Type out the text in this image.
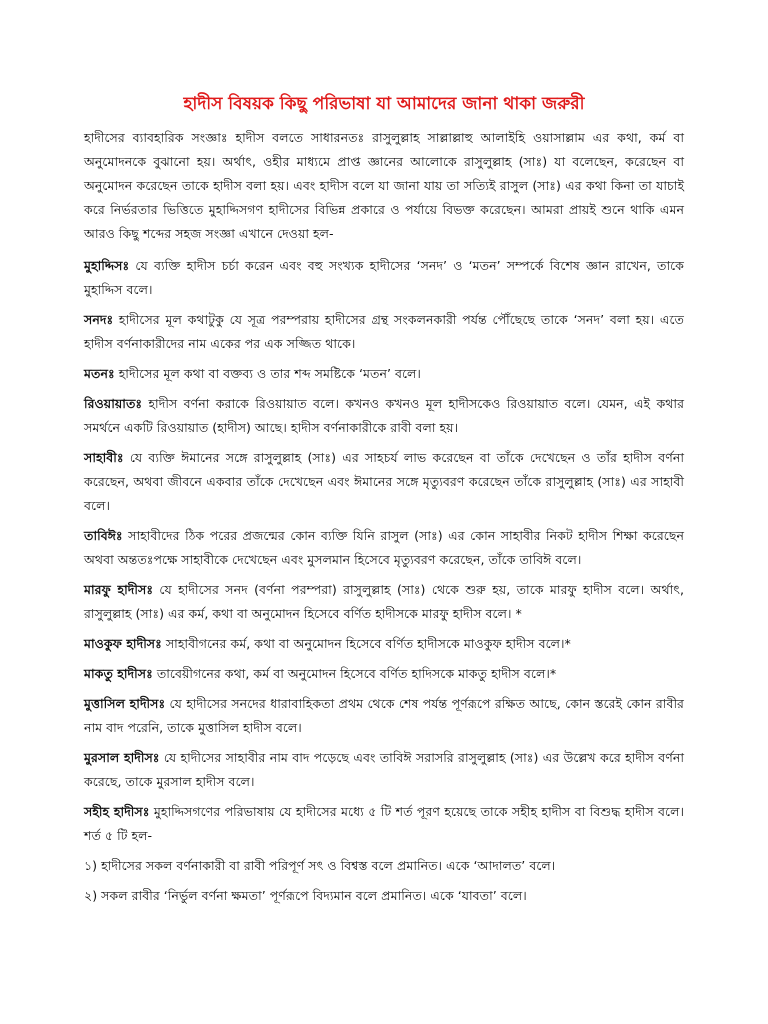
হাদীস বিষয়ক কিছু পরিভাষা যা আমাদের জানা থাকা জরুরী

হাদীসের ব্যাবহারিক সংজ্ঞাঃ হাদীস বলতে সাধারনতঃ রাসুলুল্লাহ সাল্লাল্লাহু আলাইহি ওয়াসাল্লাম এর কথা, কর্ম বা অনুমোদনকে বুঝানো হয়। অর্থাৎ, ওহীর মাধ্যমে প্রাপ্ত জ্ঞানের আলোকে রাসুলুল্লাহ (সাঃ) যা বলেছেন, করেছেন বা অনুমোদন করেছেন তাকে হাদীস বলা হয়। এবং হাদীস বলে যা জানা যায় তা সত্যিই রাসুল (সাঃ) এর কথা কিনা তা যাচাই করে নির্ভরতার ভিত্তিতে মুহাদ্দিসগণ হাদীসের বিভিন্ন প্রকারে ও পর্যায়ে বিভক্ত করেছেন। আমরা প্রায়ই শুনে থাকি এমন আরও কিছু শব্দের সহজ সংজ্ঞা এখানে দেওয়া হল-

মুহাদ্দিসঃ যে ব্যক্তি হাদীস চর্চা করেন এবং বহু সংখ্যক হাদীসের ‘সনদ’ ও ‘মতন’ সম্পর্কে বিশেষ জ্ঞান রাখেন, তাকে মুহাদ্দিস বলে।

সনদঃ হাদীসের মূল কথাটুকু যে সূত্র পরম্পরায় হাদীসের গ্রন্থ সংকলনকারী পর্যন্ত পৌঁছেছে তাকে ‘সনদ’ বলা হয়। এতে হাদীস বর্ণনাকারীদের নাম একের পর এক সজ্জিত থাকে।

মতনঃ হাদীসের মূল কথা বা বক্তব্য ও তার শব্দ সমষ্টিকে ‘মতন’ বলে।

রিওয়ায়াতঃ হাদীস বর্ণনা করাকে রিওয়ায়াত বলে। কখনও কখনও মূল হাদীসকেও রিওয়ায়াত বলে। যেমন, এই কথার সমর্থনে একটি রিওয়ায়াত (হাদীস) আছে। হাদীস বর্ণনাকারীকে রাবী বলা হয়।

সাহাবীঃ যে ব্যক্তি ঈমানের সঙ্গে রাসুলুল্লাহ (সাঃ) এর সাহচর্য লাভ করেছেন বা তাঁকে দেখেছেন ও তাঁর হাদীস বর্ণনা করেছেন, অথবা জীবনে একবার তাঁকে দেখেছেন এবং ঈমানের সঙ্গে মৃত্যুবরণ করেছেন তাঁকে রাসুলুল্লাহ (সাঃ) এর সাহাবী বলে।

তাবিঈঃ সাহাবীদের ঠিক পরের প্রজন্মের কোন ব্যক্তি যিনি রাসুল (সাঃ) এর কোন সাহাবীর নিকট হাদীস শিক্ষা করেছেন অথবা অন্ততঃপক্ষে সাহাবীকে দেখেছেন এবং মুসলমান হিসেবে মৃত্যুবরণ করেছেন, তাঁকে তাবিঈ বলে।

মারফু হাদীসঃ যে হাদীসের সনদ (বর্ণনা পরম্পরা) রাসুলুল্লাহ (সাঃ) থেকে শুরু হয়, তাকে মারফু হাদীস বলে। অর্থাৎ, রাসুলুল্লাহ (সাঃ) এর কর্ম, কথা বা অনুমোদন হিসেবে বর্ণিত হাদীসকে মারফু হাদীস বলে। *

মাওকুফ হাদীসঃ সাহাবীগনের কর্ম, কথা বা অনুমোদন হিসেবে বর্ণিত হাদীসকে মাওকুফ হাদীস বলে।*

মাকতু হাদীসঃ তাবেয়ীগনের কথা, কর্ম বা অনুমোদন হিসেবে বর্ণিত হাদিসকে মাকতু হাদীস বলে।*

মুত্তাসিল হাদীসঃ যে হাদীসের সনদের ধারাবাহিকতা প্রথম থেকে শেষ পর্যন্ত পূর্ণরূপে রক্ষিত আছে, কোন স্তরেই কোন রাবীর নাম বাদ পরেনি, তাকে মুত্তাসিল হাদীস বলে।

মুরসাল হাদীসঃ যে হাদীসের সাহাবীর নাম বাদ পড়েছে এবং তাবিঈ সরাসরি রাসুলুল্লাহ (সাঃ) এর উল্লেখ করে হাদীস বর্ণনা করেছে, তাকে মুরসাল হাদীস বলে।

সহীহ হাদীসঃ মুহাদ্দিসগণের পরিভাষায় যে হাদীসের মধ্যে ৫ টি শর্ত পূরণ হয়েছে তাকে সহীহ হাদীস বা বিশুদ্ধ হাদীস বলে। শর্ত ৫ টি হল-

১) হাদীসের সকল বর্ণনাকারী বা রাবী পরিপূর্ণ সৎ ও বিশ্বস্ত বলে প্রমানিত। একে ‘আদালত’ বলে।

২) সকল রাবীর ‘নির্ভুল বর্ণনা ক্ষমতা’ পূর্ণরূপে বিদ্যমান বলে প্রমানিত। একে ‘যাবতা’ বলে।
